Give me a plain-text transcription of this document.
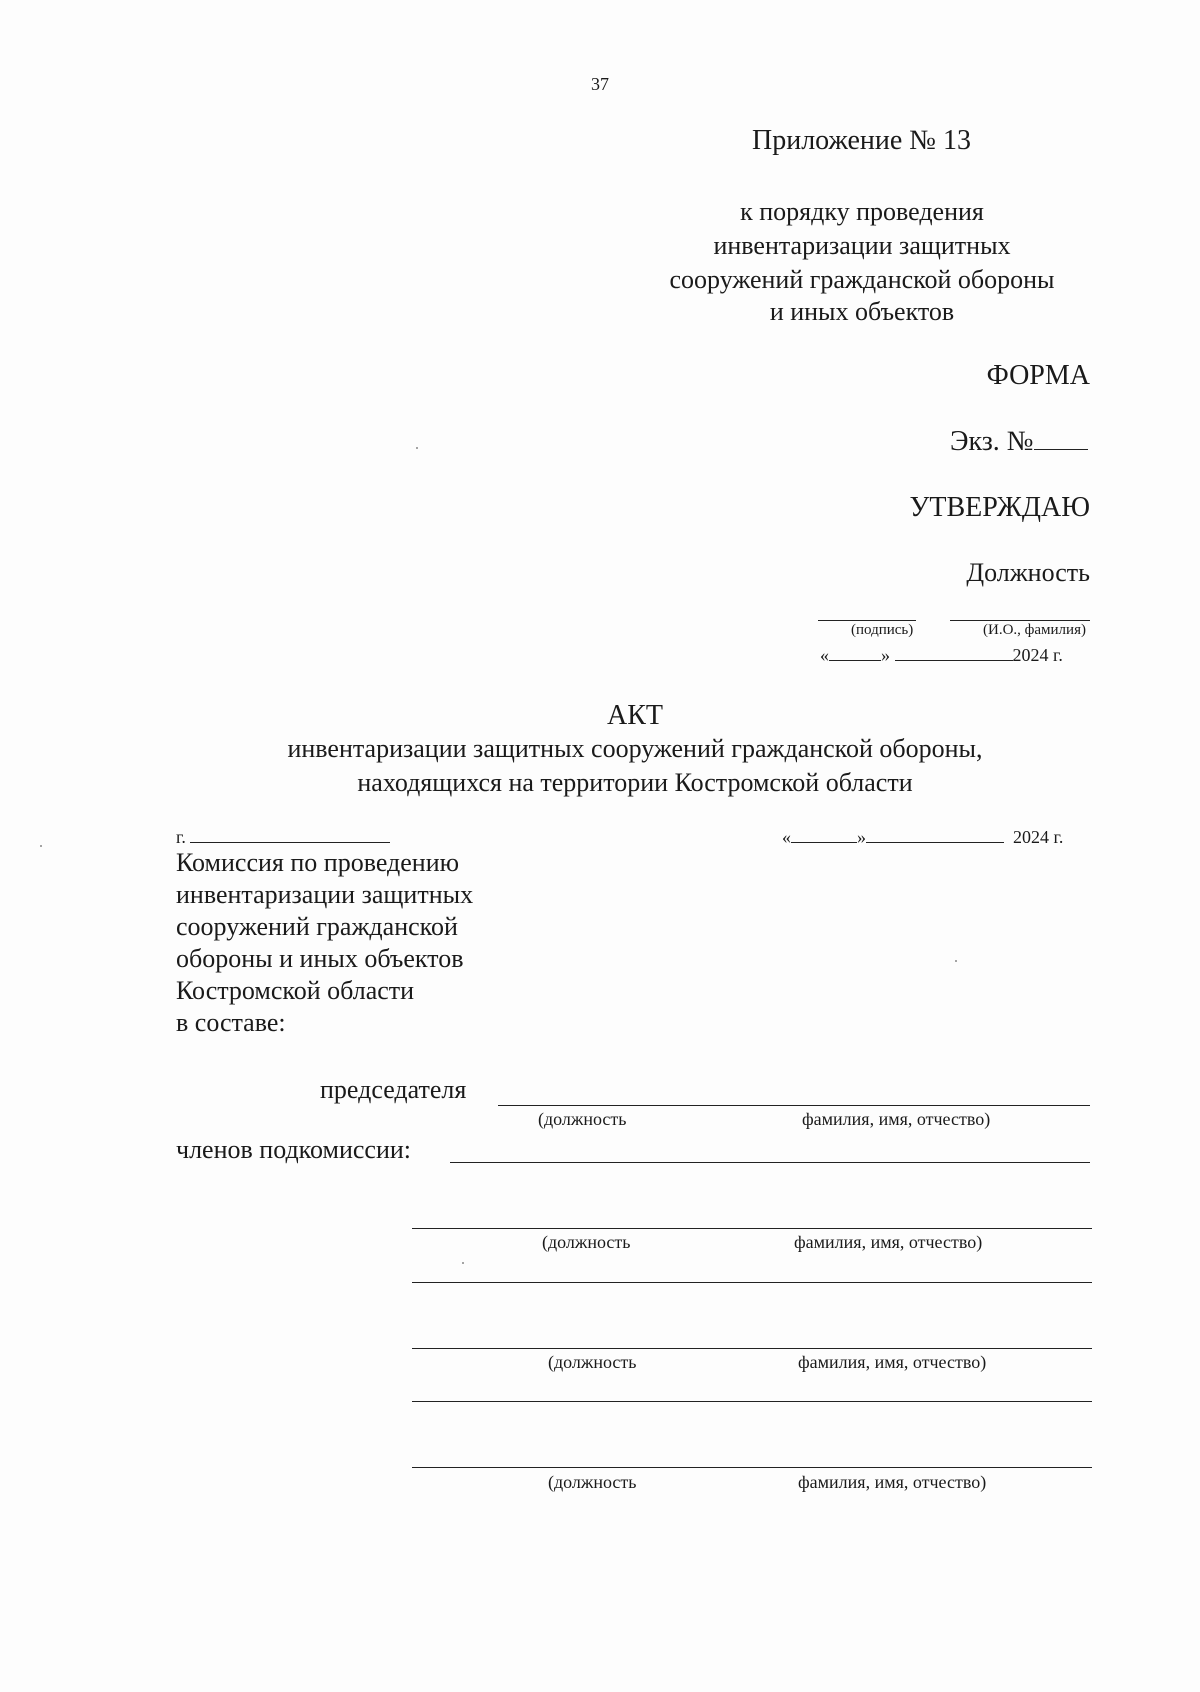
37
Приложение № 13
к порядку проведения
инвентаризации защитных
сооружений гражданской обороны
и иных объектов
ФОРМА
Экз. №
УТВЕРЖДАЮ
Должность
(подпись)	(И.О., фамилия)
«	»	2024 г.
АКТ
инвентаризации защитных сооружений гражданской обороны,
находящихся на территории Костромской области
г.	«	»	2024 г.
Комиссия по проведению
инвентаризации защитных
сооружений гражданской
обороны и иных объектов
Костромской области
в составе:
председателя
(должность	фамилия, имя, отчество)
членов подкомиссии:
(должность	фамилия, имя, отчество)
(должность	фамилия, имя, отчество)
(должность	фамилия, имя, отчество)
